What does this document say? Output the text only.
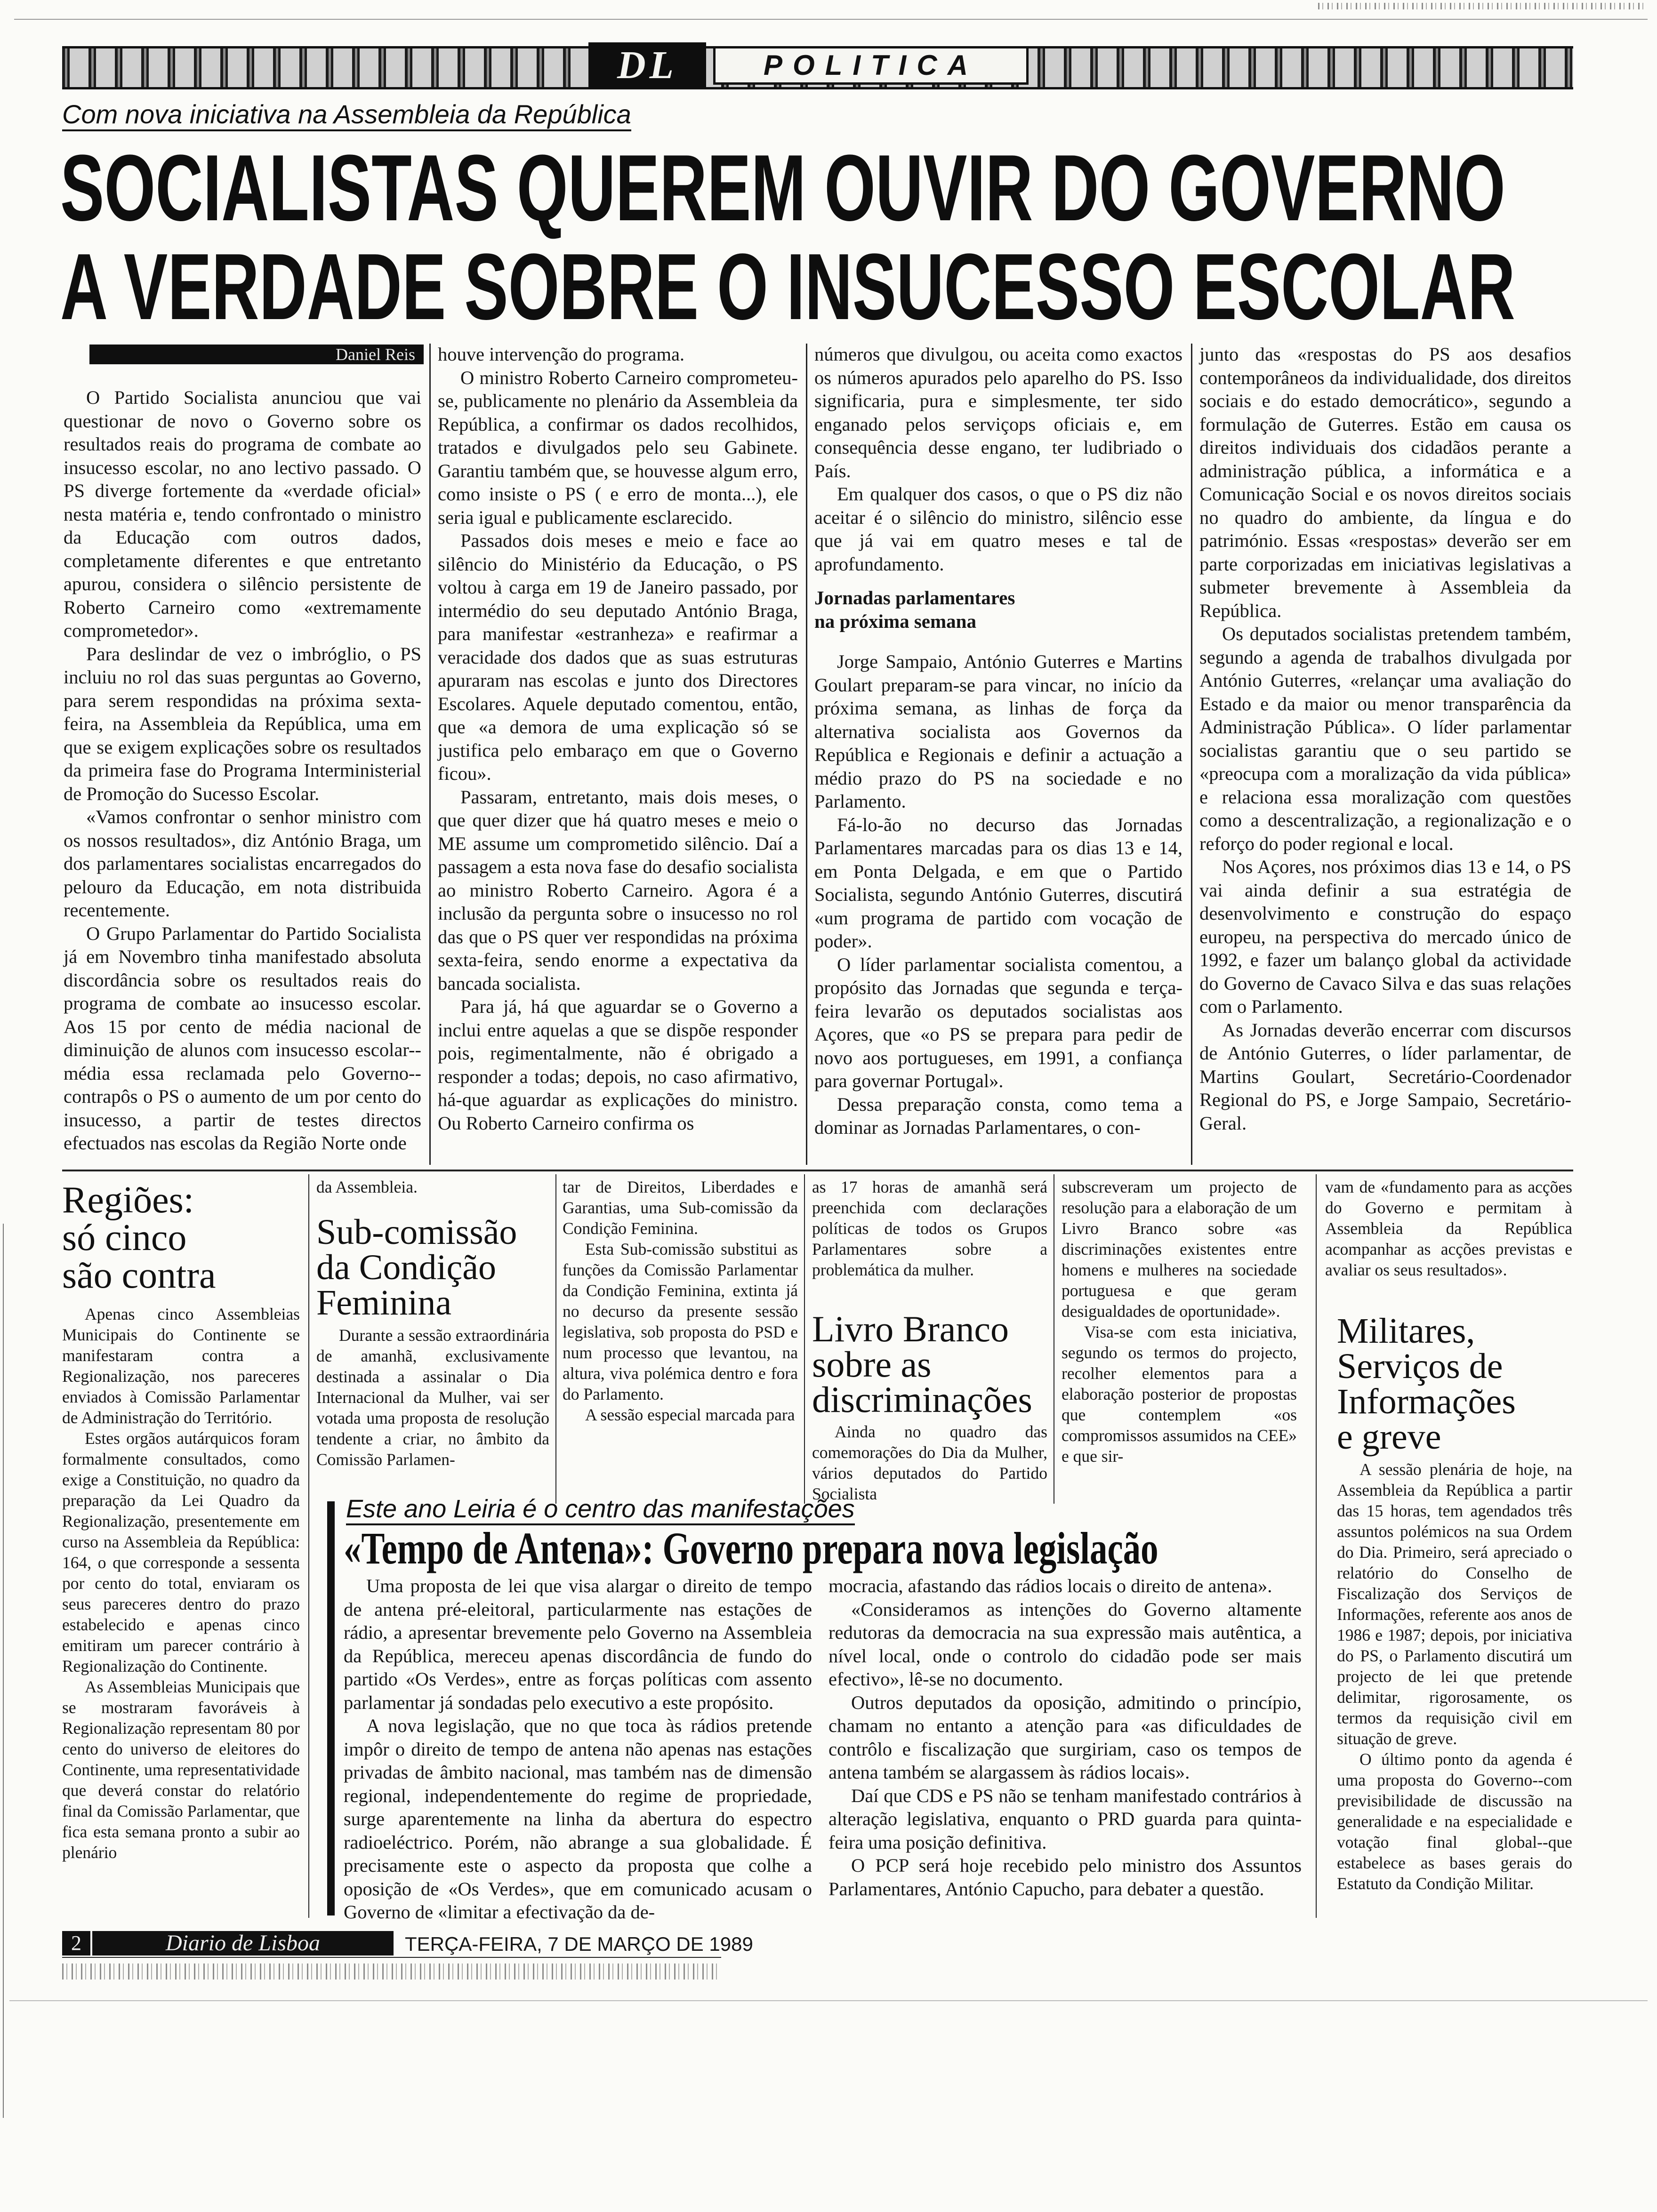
DL	POLITICA
Com nova iniciativa na Assembleia da República
SOCIALISTAS QUEREM OUVIR DO GOVERNO
A VERDADE SOBRE O INSUCESSO ESCOLAR
Daniel Reis

O Partido Socialista anunciou que vai questionar de novo o Governo sobre os resultados reais do programa de combate ao insucesso escolar, no ano lectivo passado. O PS diverge fortemente da «verdade oficial» nesta matéria e, tendo confrontado o ministro da Educação com outros dados, completamente diferentes e que entretanto apurou, considera o silêncio persistente de Roberto Carneiro como «extremamente comprometedor».

Para deslindar de vez o imbróglio, o PS incluiu no rol das suas perguntas ao Governo, para serem respondidas na próxima sexta-feira, na Assembleia da República, uma em que se exigem explicações sobre os resultados da primeira fase do Programa Interministerial de Promoção do Sucesso Escolar.

«Vamos confrontar o senhor ministro com os nossos resultados», diz António Braga, um dos parlamentares socialistas encarregados do pelouro da Educação, em nota distribuida recentemente.

O Grupo Parlamentar do Partido Socialista já em Novembro tinha manifestado absoluta discordância sobre os resultados reais do programa de combate ao insucesso escolar. Aos 15 por cento de média nacional de diminuição de alunos com insucesso escolar--média essa reclamada pelo Governo--contrapôs o PS o aumento de um por cento do insucesso, a partir de testes directos efectuados nas escolas da Região Norte onde

houve intervenção do programa.

O ministro Roberto Carneiro comprometeu-se, publicamente no plenário da Assembleia da República, a confirmar os dados recolhidos, tratados e divulgados pelo seu Gabinete. Garantiu também que, se houvesse algum erro, como insiste o PS ( e erro de monta...), ele seria igual e publicamente esclarecido.

Passados dois meses e meio e face ao silêncio do Ministério da Educação, o PS voltou à carga em 19 de Janeiro passado, por intermédio do seu deputado António Braga, para manifestar «estranheza» e reafirmar a veracidade dos dados que as suas estruturas apuraram nas escolas e junto dos Directores Escolares. Aquele deputado comentou, então, que «a demora de uma explicação só se justifica pelo embaraço em que o Governo ficou».

Passaram, entretanto, mais dois meses, o que quer dizer que há quatro meses e meio o ME assume um comprometido silêncio. Daí a passagem a esta nova fase do desafio socialista ao ministro Roberto Carneiro. Agora é a inclusão da pergunta sobre o insucesso no rol das que o PS quer ver respondidas na próxima sexta-feira, sendo enorme a expectativa da bancada socialista.

Para já, há que aguardar se o Governo a inclui entre aquelas a que se dispõe responder pois, regimentalmente, não é obrigado a responder a todas; depois, no caso afirmativo, há-que aguardar as explicações do ministro. Ou Roberto Carneiro confirma os

números que divulgou, ou aceita como exactos os números apurados pelo aparelho do PS. Isso significaria, pura e simplesmente, ter sido enganado pelos serviçops oficiais e, em consequência desse engano, ter ludibriado o País.

Em qualquer dos casos, o que o PS diz não aceitar é o silêncio do ministro, silêncio esse que já vai em quatro meses e tal de aprofundamento.

Jornadas parlamentares
na próxima semana

Jorge Sampaio, António Guterres e Martins Goulart preparam-se para vincar, no início da próxima semana, as linhas de força da alternativa socialista aos Governos da República e Regionais e definir a actuação a médio prazo do PS na sociedade e no Parlamento.

Fá-lo-ão no decurso das Jornadas Parlamentares marcadas para os dias 13 e 14, em Ponta Delgada, e em que o Partido Socialista, segundo António Guterres, discutirá «um programa de partido com vocação de poder».

O líder parlamentar socialista comentou, a propósito das Jornadas que segunda e terça-feira levarão os deputados socialistas aos Açores, que «o PS se prepara para pedir de novo aos portugueses, em 1991, a confiança para governar Portugal».

Dessa preparação consta, como tema a dominar as Jornadas Parlamentares, o con-

junto das «respostas do PS aos desafios contemporâneos da individualidade, dos direitos sociais e do estado democrático», segundo a formulação de Guterres. Estão em causa os direitos individuais dos cidadãos perante a administração pública, a informática e a Comunicação Social e os novos direitos sociais no quadro do ambiente, da língua e do património. Essas «respostas» deverão ser em parte corporizadas em iniciativas legislativas a submeter brevemente à Assembleia da República.

Os deputados socialistas pretendem também, segundo a agenda de trabalhos divulgada por António Guterres, «relançar uma avaliação do Estado e da maior ou menor transparência da Administração Pública». O líder parlamentar socialistas garantiu que o seu partido se «preocupa com a moralização da vida pública» e relaciona essa moralização com questões como a descentralização, a regionalização e o reforço do poder regional e local.

Nos Açores, nos próximos dias 13 e 14, o PS vai ainda definir a sua estratégia de desenvolvimento e construção do espaço europeu, na perspectiva do mercado único de 1992, e fazer um balanço global da actividade do Governo de Cavaco Silva e das suas relações com o Parlamento.

As Jornadas deverão encerrar com discursos de António Guterres, o líder parlamentar, de Martins Goulart, Secretário-Coordenador Regional do PS, e Jorge Sampaio, Secretário-Geral.

Regiões:
só cinco
são contra

Apenas cinco Assembleias Municipais do Continente se manifestaram contra a Regionalização, nos pareceres enviados à Comissão Parlamentar de Administração do Território.

Estes orgãos autárquicos foram formalmente consultados, como exige a Constituição, no quadro da preparação da Lei Quadro da Regionalização, presentemente em curso na Assembleia da República: 164, o que corresponde a sessenta por cento do total, enviaram os seus pareceres dentro do prazo estabelecido e apenas cinco emitiram um parecer contrário à Regionalização do Continente.

As Assembleias Municipais que se mostraram favoráveis à Regionalização representam 80 por cento do universo de eleitores do Continente, uma representatividade que deverá constar do relatório final da Comissão Parlamentar, que fica esta semana pronto a subir ao plenário

da Assembleia.

Sub-comissão
da Condição
Feminina

Durante a sessão extraordinária de amanhã, exclusivamente destinada a assinalar o Dia Internacional da Mulher, vai ser votada uma proposta de resolução tendente a criar, no âmbito da Comissão Parlamen-

tar de Direitos, Liberdades e Garantias, uma Sub-comissão da Condição Feminina.

Esta Sub-comissão substitui as funções da Comissão Parlamentar da Condição Feminina, extinta já no decurso da presente sessão legislativa, sob proposta do PSD e num processo que levantou, na altura, viva polémica dentro e fora do Parlamento.

A sessão especial marcada para

as 17 horas de amanhã será preenchida com declarações políticas de todos os Grupos Parlamentares sobre a problemática da mulher.

Livro Branco
sobre as
discriminações

Ainda no quadro das comemorações do Dia da Mulher, vários deputados do Partido Socialista

subscreveram um projecto de resolução para a elaboração de um Livro Branco sobre «as discriminações existentes entre homens e mulheres na sociedade portuguesa e que geram desigualdades de oportunidade».

Visa-se com esta iniciativa, segundo os termos do projecto, recolher elementos para a elaboração posterior de propostas que contemplem «os compromissos assumidos na CEE» e que sir-

vam de «fundamento para as acções do Governo e permitam à Assembleia da República acompanhar as acções previstas e avaliar os seus resultados».

Militares,
Serviços de
Informações
e greve

A sessão plenária de hoje, na Assembleia da República a partir das 15 horas, tem agendados três assuntos polémicos na sua Ordem do Dia. Primeiro, será apreciado o relatório do Conselho de Fiscalização dos Serviços de Informações, referente aos anos de 1986 e 1987; depois, por iniciativa do PS, o Parlamento discutirá um projecto de lei que pretende delimitar, rigorosamente, os termos da requisição civil em situação de greve.

O último ponto da agenda é uma proposta do Governo--com previsibilidade de discussão na generalidade e na especialidade e votação final global--que estabelece as bases gerais do Estatuto da Condição Militar.

Este ano Leiria é o centro das manifestações
«Tempo de Antena»: Governo prepara nova legislação

Uma proposta de lei que visa alargar o direito de tempo de antena pré-eleitoral, particularmente nas estações de rádio, a apresentar brevemente pelo Governo na Assembleia da República, mereceu apenas discordância de fundo do partido «Os Verdes», entre as forças políticas com assento parlamentar já sondadas pelo executivo a este propósito.

A nova legislação, que no que toca às rádios pretende impôr o direito de tempo de antena não apenas nas estações privadas de âmbito nacional, mas também nas de dimensão regional, independentemente do regime de propriedade, surge aparentemente na linha da abertura do espectro radioeléctrico. Porém, não abrange a sua globalidade. É precisamente este o aspecto da proposta que colhe a oposição de «Os Verdes», que em comunicado acusam o Governo de «limitar a efectivação da de-

mocracia, afastando das rádios locais o direito de antena».

«Consideramos as intenções do Governo altamente redutoras da democracia na sua expressão mais autêntica, a nível local, onde o controlo do cidadão pode ser mais efectivo», lê-se no documento.

Outros deputados da oposição, admitindo o princípio, chamam no entanto a atenção para «as dificuldades de contrôlo e fiscalização que surgiriam, caso os tempos de antena também se alargassem às rádios locais».

Daí que CDS e PS não se tenham manifestado contrários à alteração legislativa, enquanto o PRD guarda para quinta-feira uma posição definitiva.

O PCP será hoje recebido pelo ministro dos Assuntos Parlamentares, António Capucho, para debater a questão.

2	Diario de Lisboa	TERÇA-FEIRA, 7 DE MARÇO DE 1989
